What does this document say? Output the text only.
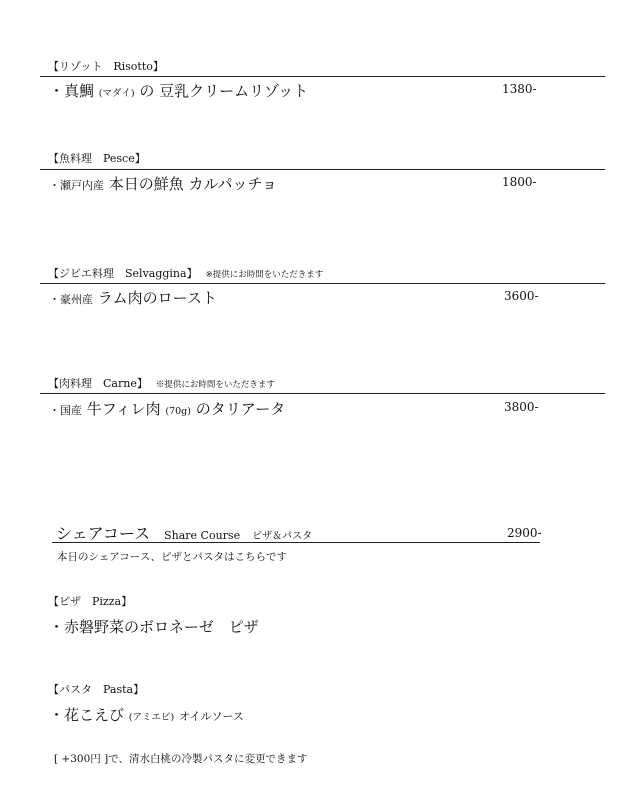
【リゾット　Risotto】
・真鯛 (マダイ) の 豆乳クリームリゾット	1380-
【魚料理　Pesce】
・瀬戸内産 本日の鮮魚 カルパッチョ	1800-
【ジビエ料理　Selvaggina】 ※提供にお時間をいただきます
・豪州産 ラム肉のロースト	3600-
【肉料理　Carne】 ※提供にお時間をいただきます
・国産 牛フィレ肉 (70g) のタリアータ	3800-
シェアコース Share Course ピザ＆パスタ	2900-
本日のシェアコース、ピザとパスタはこちらです
【ピザ　Pizza】
・赤磐野菜のボロネーゼ　ピザ
【パスタ　Pasta】
・花こえび (アミエビ) オイルソース
[ +300円 ]で、清水白桃の冷製パスタに変更できます
